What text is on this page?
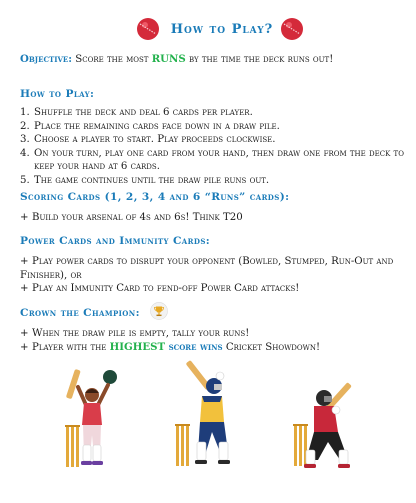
How to Play?
Objective: Score the most RUNS by the time the deck runs out!
How to Play:
1. Shuffle the deck and deal 6 cards per player.
2. Place the remaining cards face down in a draw pile.
3. Choose a player to start. Play proceeds clockwise.
4. On your turn, play one card from your hand, then draw one from the deck to keep your hand at 6 cards.
5. The game continues until the draw pile runs out.
Scoring Cards (1, 2, 3, 4 and 6 “Runs” cards):
+ Build your arsenal of 4s and 6s! Think T20
Power Cards and Immunity Cards:
+ Play power cards to disrupt your opponent (Bowled, Stumped, Run-Out and Finisher), or
+ Play an Immunity Card to fend-off Power Card attacks!
Crown the Champion:
+ When the draw pile is empty, tally your runs!
+ Player with the HIGHEST score wins Cricket Showdown!
